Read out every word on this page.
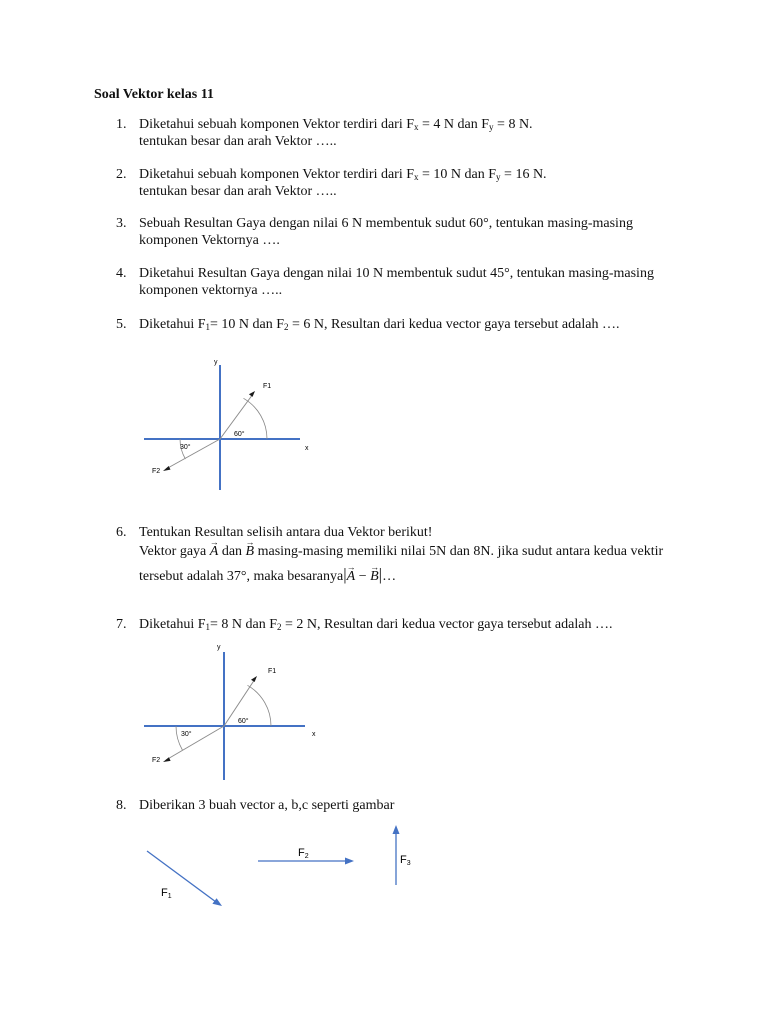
Soal Vektor kelas 11
1. Diketahui sebuah komponen Vektor terdiri dari $F_x = 4$ N dan $F_y = 8$ N.
tentukan besar dan arah Vektor …..
2. Diketahui sebuah komponen Vektor terdiri dari $F_x = 10$ N dan $F_y = 16$ N.
tentukan besar dan arah Vektor …..
3. Sebuah Resultan Gaya dengan nilai 6 N membentuk sudut 60°, tentukan masing-masing
komponen Vektornya ….
4. Diketahui Resultan Gaya dengan nilai 10 N membentuk sudut 45°, tentukan masing-masing
komponen vektornya …..
5. Diketahui $F_1= 10$ N dan $F_2 = 6$ N, Resultan dari kedua vector gaya tersebut adalah ….
y
x
F1
F2
60°
30°
6. Tentukan Resultan selisih antara dua Vektor berikut!
Vektor gaya → A dan → B masing-masing memiliki nilai 5N dan 8N. jika sudut antara kedua vektir
tersebut adalah 37°, maka besaranya|→ A − → B|…
7. Diketahui $F_1= 8$ N dan $F_2 = 2$ N, Resultan dari kedua vector gaya tersebut adalah ….
y
x
F1
F2
60°
30°
8. Diberikan 3 buah vector a, b,c seperti gambar
F1
F2	F3
